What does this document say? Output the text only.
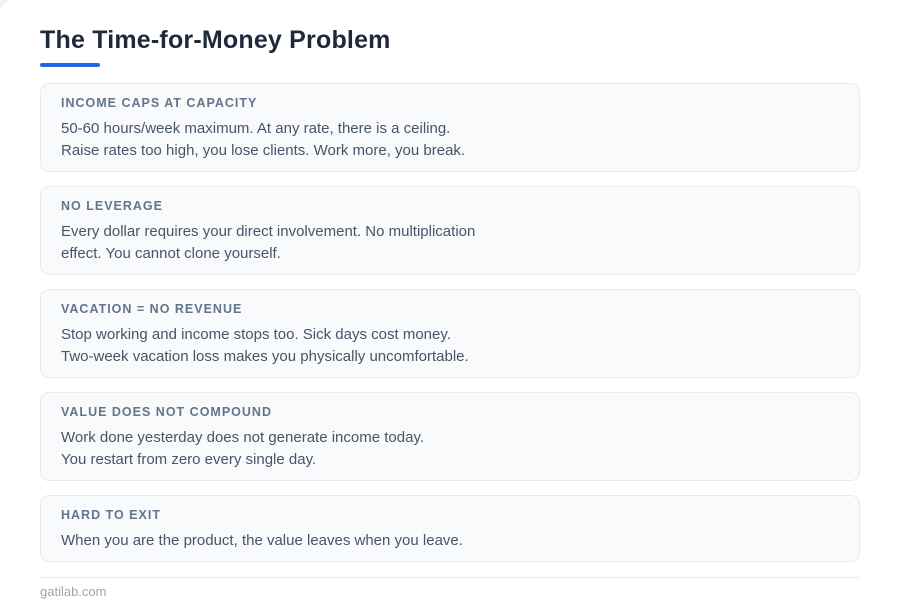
The Time-for-Money Problem
INCOME CAPS AT CAPACITY

50-60 hours/week maximum. At any rate, there is a ceiling.

Raise rates too high, you lose clients. Work more, you break.

NO LEVERAGE

Every dollar requires your direct involvement. No multiplication

effect. You cannot clone yourself.

VACATION = NO REVENUE

Stop working and income stops too. Sick days cost money.

Two-week vacation loss makes you physically uncomfortable.

VALUE DOES NOT COMPOUND

Work done yesterday does not generate income today.

You restart from zero every single day.

HARD TO EXIT

When you are the product, the value leaves when you leave.

gatilab.com
